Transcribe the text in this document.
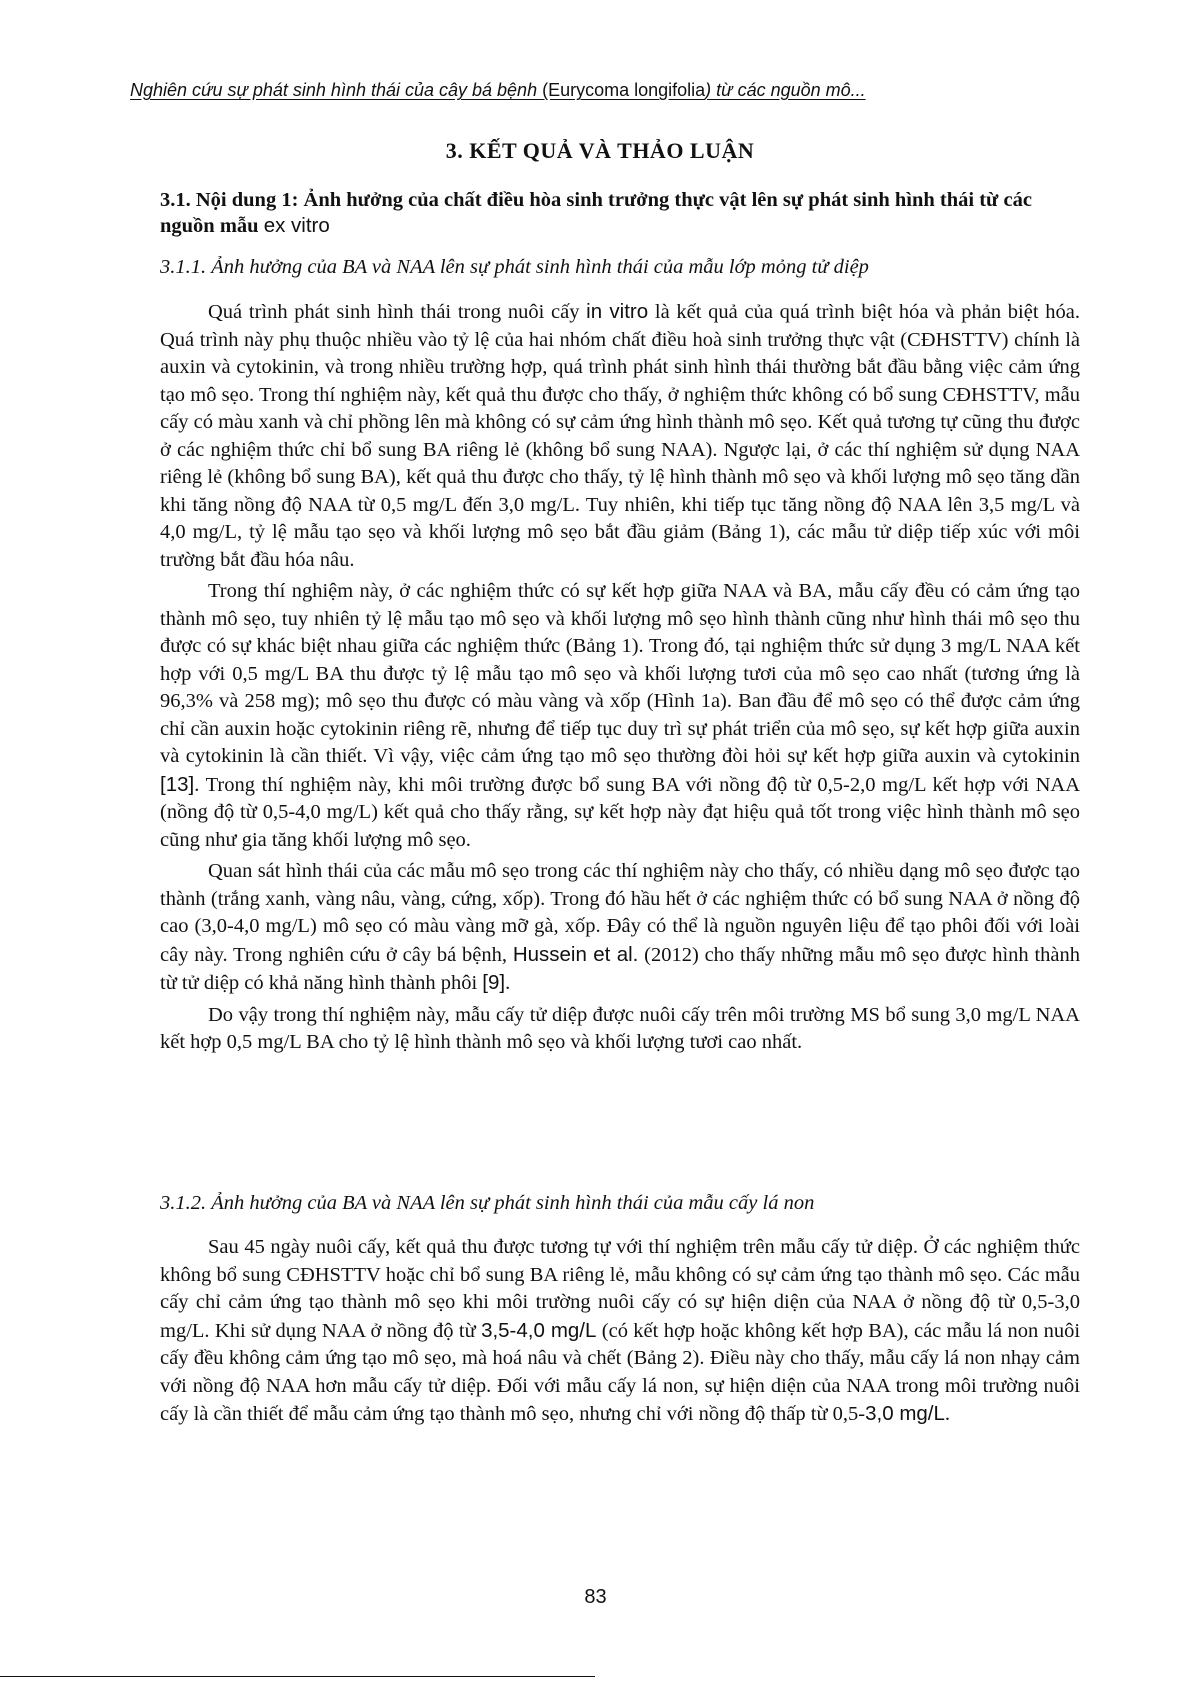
Nghiên cứu sự phát sinh hình thái của cây bá bệnh (Eurycoma longifolia) từ các nguồn mô...
3. KẾT QUẢ VÀ THẢO LUẬN
3.1. Nội dung 1: Ảnh hưởng của chất điều hòa sinh trưởng thực vật lên sự phát sinh hình thái từ các nguồn mẫu ex vitro
3.1.1. Ảnh hưởng của BA và NAA lên sự phát sinh hình thái của mẫu lớp mỏng tử diệp

Quá trình phát sinh hình thái trong nuôi cấy in vitro là kết quả của quá trình biệt hóa và phản biệt hóa. Quá trình này phụ thuộc nhiều vào tỷ lệ của hai nhóm chất điều hoà sinh trưởng thực vật (CĐHSTTV) chính là auxin và cytokinin, và trong nhiều trường hợp, quá trình phát sinh hình thái thường bắt đầu bằng việc cảm ứng tạo mô sẹo. Trong thí nghiệm này, kết quả thu được cho thấy, ở nghiệm thức không có bổ sung CĐHSTTV, mẫu cấy có màu xanh và chỉ phồng lên mà không có sự cảm ứng hình thành mô sẹo. Kết quả tương tự cũng thu được ở các nghiệm thức chỉ bổ sung BA riêng lẻ (không bổ sung NAA). Ngược lại, ở các thí nghiệm sử dụng NAA riêng lẻ (không bổ sung BA), kết quả thu được cho thấy, tỷ lệ hình thành mô sẹo và khối lượng mô sẹo tăng dần khi tăng nồng độ NAA từ 0,5 mg/L đến 3,0 mg/L. Tuy nhiên, khi tiếp tục tăng nồng độ NAA lên 3,5 mg/L và 4,0 mg/L, tỷ lệ mẫu tạo sẹo và khối lượng mô sẹo bắt đầu giảm (Bảng 1), các mẫu tử diệp tiếp xúc với môi trường bắt đầu hóa nâu.

Trong thí nghiệm này, ở các nghiệm thức có sự kết hợp giữa NAA và BA, mẫu cấy đều có cảm ứng tạo thành mô sẹo, tuy nhiên tỷ lệ mẫu tạo mô sẹo và khối lượng mô sẹo hình thành cũng như hình thái mô sẹo thu được có sự khác biệt nhau giữa các nghiệm thức (Bảng 1). Trong đó, tại nghiệm thức sử dụng 3 mg/L NAA kết hợp với 0,5 mg/L BA thu được tỷ lệ mẫu tạo mô sẹo và khối lượng tươi của mô sẹo cao nhất (tương ứng là 96,3% và 258 mg); mô sẹo thu được có màu vàng và xốp (Hình 1a). Ban đầu để mô sẹo có thể được cảm ứng chỉ cần auxin hoặc cytokinin riêng rẽ, nhưng để tiếp tục duy trì sự phát triển của mô sẹo, sự kết hợp giữa auxin và cytokinin là cần thiết. Vì vậy, việc cảm ứng tạo mô sẹo thường đòi hỏi sự kết hợp giữa auxin và cytokinin [13]. Trong thí nghiệm này, khi môi trường được bổ sung BA với nồng độ từ 0,5-2,0 mg/L kết hợp với NAA (nồng độ từ 0,5-4,0 mg/L) kết quả cho thấy rằng, sự kết hợp này đạt hiệu quả tốt trong việc hình thành mô sẹo cũng như gia tăng khối lượng mô sẹo.

Quan sát hình thái của các mẫu mô sẹo trong các thí nghiệm này cho thấy, có nhiều dạng mô sẹo được tạo thành (trắng xanh, vàng nâu, vàng, cứng, xốp). Trong đó hầu hết ở các nghiệm thức có bổ sung NAA ở nồng độ cao (3,0-4,0 mg/L) mô sẹo có màu vàng mỡ gà, xốp. Đây có thể là nguồn nguyên liệu để tạo phôi đối với loài cây này. Trong nghiên cứu ở cây bá bệnh, Hussein et al. (2012) cho thấy những mẫu mô sẹo được hình thành từ tử diệp có khả năng hình thành phôi [9].

Do vậy trong thí nghiệm này, mẫu cấy tử diệp được nuôi cấy trên môi trường MS bổ sung 3,0 mg/L NAA kết hợp 0,5 mg/L BA cho tỷ lệ hình thành mô sẹo và khối lượng tươi cao nhất.

3.1.2. Ảnh hưởng của BA và NAA lên sự phát sinh hình thái của mẫu cấy lá non

Sau 45 ngày nuôi cấy, kết quả thu được tương tự với thí nghiệm trên mẫu cấy tử diệp. Ở các nghiệm thức không bổ sung CĐHSTTV hoặc chỉ bổ sung BA riêng lẻ, mẫu không có sự cảm ứng tạo thành mô sẹo. Các mẫu cấy chỉ cảm ứng tạo thành mô sẹo khi môi trường nuôi cấy có sự hiện diện của NAA ở nồng độ từ 0,5-3,0 mg/L. Khi sử dụng NAA ở nồng độ từ 3,5-4,0 mg/L (có kết hợp hoặc không kết hợp BA), các mẫu lá non nuôi cấy đều không cảm ứng tạo mô sẹo, mà hoá nâu và chết (Bảng 2). Điều này cho thấy, mẫu cấy lá non nhạy cảm với nồng độ NAA hơn mẫu cấy tử diệp. Đối với mẫu cấy lá non, sự hiện diện của NAA trong môi trường nuôi cấy là cần thiết để mẫu cảm ứng tạo thành mô sẹo, nhưng chỉ với nồng độ thấp từ 0,5-3,0 mg/L.

83
